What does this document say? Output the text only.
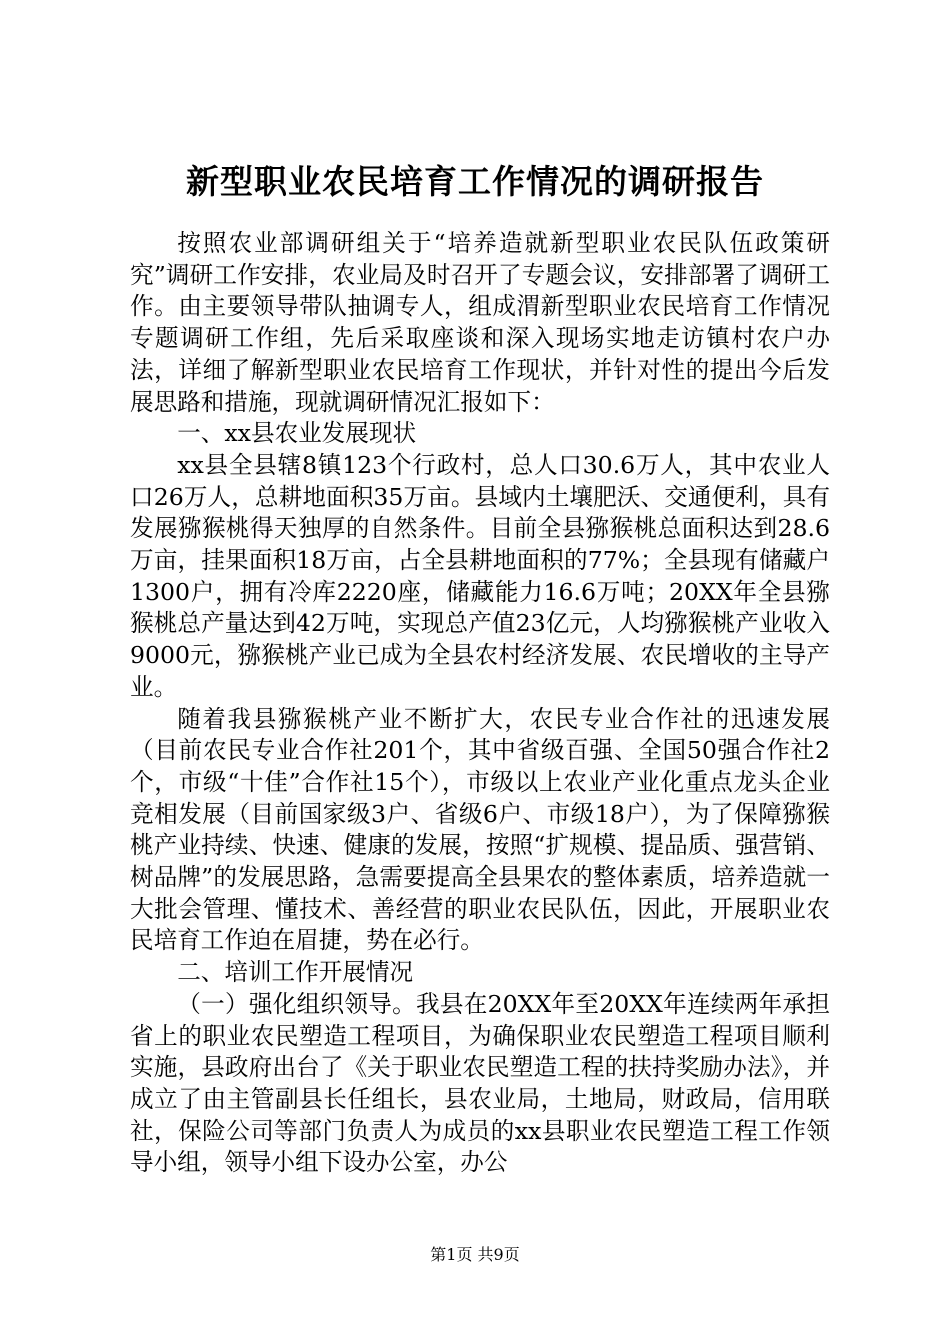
新型职业农民培育工作情况的调研报告

按照农业部调研组关于“培养造就新型职业农民队伍政策研究”调研工作安排，农业局及时召开了专题会议，安排部署了调研工作。由主要领导带队抽调专人，组成渭新型职业农民培育工作情况专题调研工作组，先后采取座谈和深入现场实地走访镇村农户办法，详细了解新型职业农民培育工作现状，并针对性的提出今后发展思路和措施，现就调研情况汇报如下：

一、xx县农业发展现状

xx县全县辖8镇123个行政村，总人口30.6万人，其中农业人口26万人，总耕地面积35万亩。县域内土壤肥沃、交通便利，具有发展猕猴桃得天独厚的自然条件。目前全县猕猴桃总面积达到28.6万亩，挂果面积18万亩，占全县耕地面积的77%；全县现有储藏户1300户，拥有冷库2220座，储藏能力16.6万吨；20XX年全县猕猴桃总产量达到42万吨，实现总产值23亿元，人均猕猴桃产业收入9000元，猕猴桃产业已成为全县农村经济发展、农民增收的主导产业。

随着我县猕猴桃产业不断扩大，农民专业合作社的迅速发展（目前农民专业合作社201个，其中省级百强、全国50强合作社2个，市级“十佳”合作社15个），市级以上农业产业化重点龙头企业竞相发展（目前国家级3户、省级6户、市级18户），为了保障猕猴桃产业持续、快速、健康的发展，按照“扩规模、提品质、强营销、树品牌”的发展思路，急需要提高全县果农的整体素质，培养造就一大批会管理、懂技术、善经营的职业农民队伍，因此，开展职业农民培育工作迫在眉捷，势在必行。

二、培训工作开展情况

（一）强化组织领导。我县在20XX年至20XX年连续两年承担省上的职业农民塑造工程项目，为确保职业农民塑造工程项目顺利实施，县政府出台了《关于职业农民塑造工程的扶持奖励办法》，并成立了由主管副县长任组长，县农业局，土地局，财政局，信用联社，保险公司等部门负责人为成员的xx县职业农民塑造工程工作领导小组，领导小组下设办公室，办公

第1页 共9页
